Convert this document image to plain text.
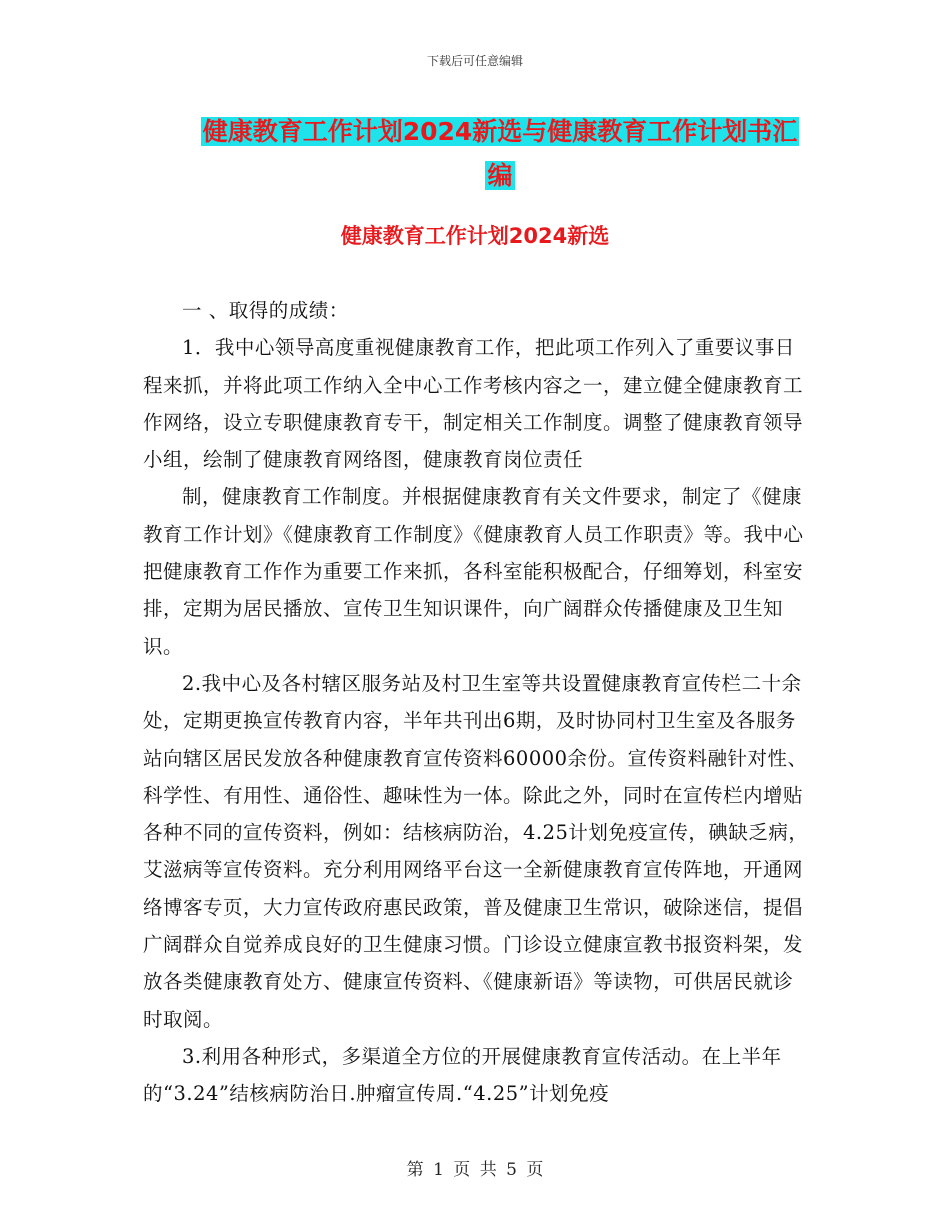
下载后可任意编辑
健康教育工作计划2024新选与健康教育工作计划书汇
编
健康教育工作计划2024新选

一 、取得的成绩：

1．我中心领导高度重视健康教育工作，把此项工作列入了重要议事日程来抓，并将此项工作纳入全中心工作考核内容之一，建立健全健康教育工作网络，设立专职健康教育专干，制定相关工作制度。调整了健康教育领导小组，绘制了健康教育网络图，健康教育岗位责任

制，健康教育工作制度。并根据健康教育有关文件要求，制定了《健康教育工作计划》《健康教育工作制度》《健康教育人员工作职责》等。我中心把健康教育工作作为重要工作来抓，各科室能积极配合，仔细筹划，科室安排，定期为居民播放、宣传卫生知识课件，向广阔群众传播健康及卫生知识。

2.我中心及各村辖区服务站及村卫生室等共设置健康教育宣传栏二十余处，定期更换宣传教育内容，半年共刊出6期，及时协同村卫生室及各服务站向辖区居民发放各种健康教育宣传资料60000余份。宣传资料融针对性、科学性、有用性、通俗性、趣味性为一体。除此之外，同时在宣传栏内增贴各种不同的宣传资料，例如：结核病防治，4.25计划免疫宣传，碘缺乏病，艾滋病等宣传资料。充分利用网络平台这一全新健康教育宣传阵地，开通网络博客专页，大力宣传政府惠民政策，普及健康卫生常识，破除迷信，提倡广阔群众自觉养成良好的卫生健康习惯。门诊设立健康宣教书报资料架，发放各类健康教育处方、健康宣传资料、《健康新语》等读物，可供居民就诊时取阅。

3.利用各种形式，多渠道全方位的开展健康教育宣传活动。在上半年的“3.24”结核病防治日.肿瘤宣传周.“4.25”计划免疫

第 1 页 共 5 页
